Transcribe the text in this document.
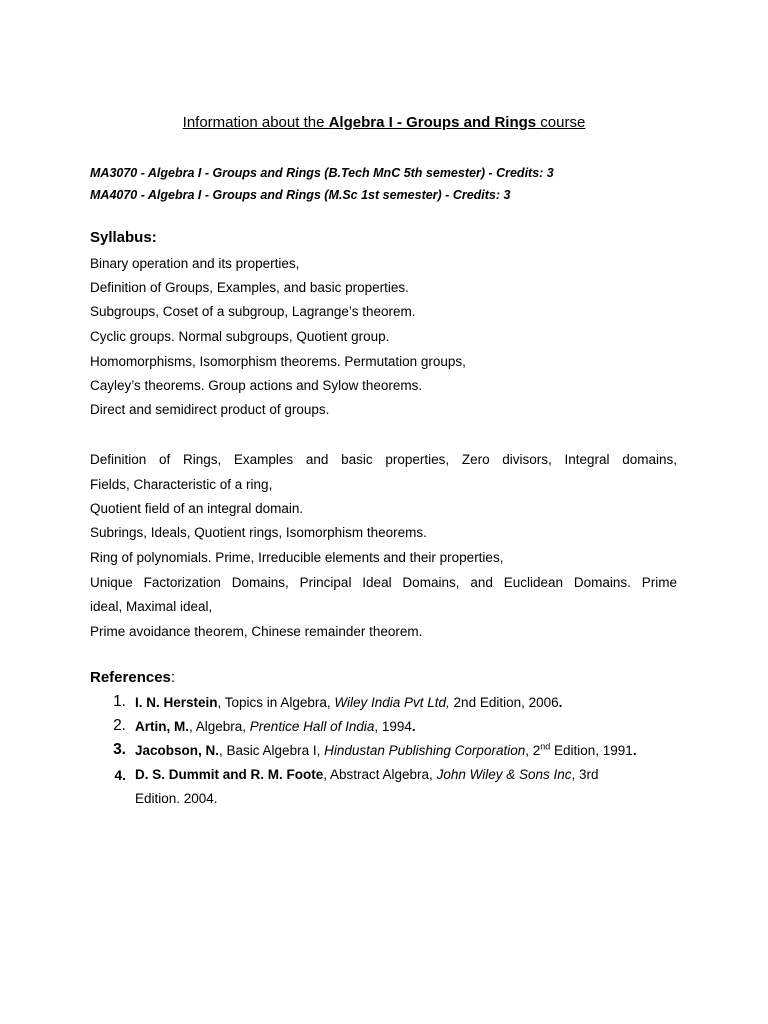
Information about the Algebra I - Groups and Rings course
MA3070 - Algebra I - Groups and Rings (B.Tech MnC 5th semester) - Credits: 3
MA4070 - Algebra I - Groups and Rings (M.Sc 1st semester) - Credits: 3
Syllabus:
Binary operation and its properties,
Definition of Groups, Examples, and basic properties.
Subgroups, Coset of a subgroup, Lagrange’s theorem.
Cyclic groups. Normal subgroups, Quotient group.
Homomorphisms, Isomorphism theorems. Permutation groups,
Cayley’s theorems. Group actions and Sylow theorems.
Direct and semidirect product of groups.
Definition of Rings, Examples and basic properties, Zero divisors, Integral domains,
Fields, Characteristic of a ring,
Quotient field of an integral domain.
Subrings, Ideals, Quotient rings, Isomorphism theorems.
Ring of polynomials. Prime, Irreducible elements and their properties,
Unique Factorization Domains, Principal Ideal Domains, and Euclidean Domains. Prime
ideal, Maximal ideal,
Prime avoidance theorem, Chinese remainder theorem.
References:
1. I. N. Herstein, Topics in Algebra, Wiley India Pvt Ltd, 2nd Edition, 2006.
2. Artin, M., Algebra, Prentice Hall of India, 1994.
3. Jacobson, N., Basic Algebra I, Hindustan Publishing Corporation, 2nd Edition, 1991.
4. D. S. Dummit and R. M. Foote, Abstract Algebra, John Wiley & Sons Inc, 3rd
Edition. 2004.
